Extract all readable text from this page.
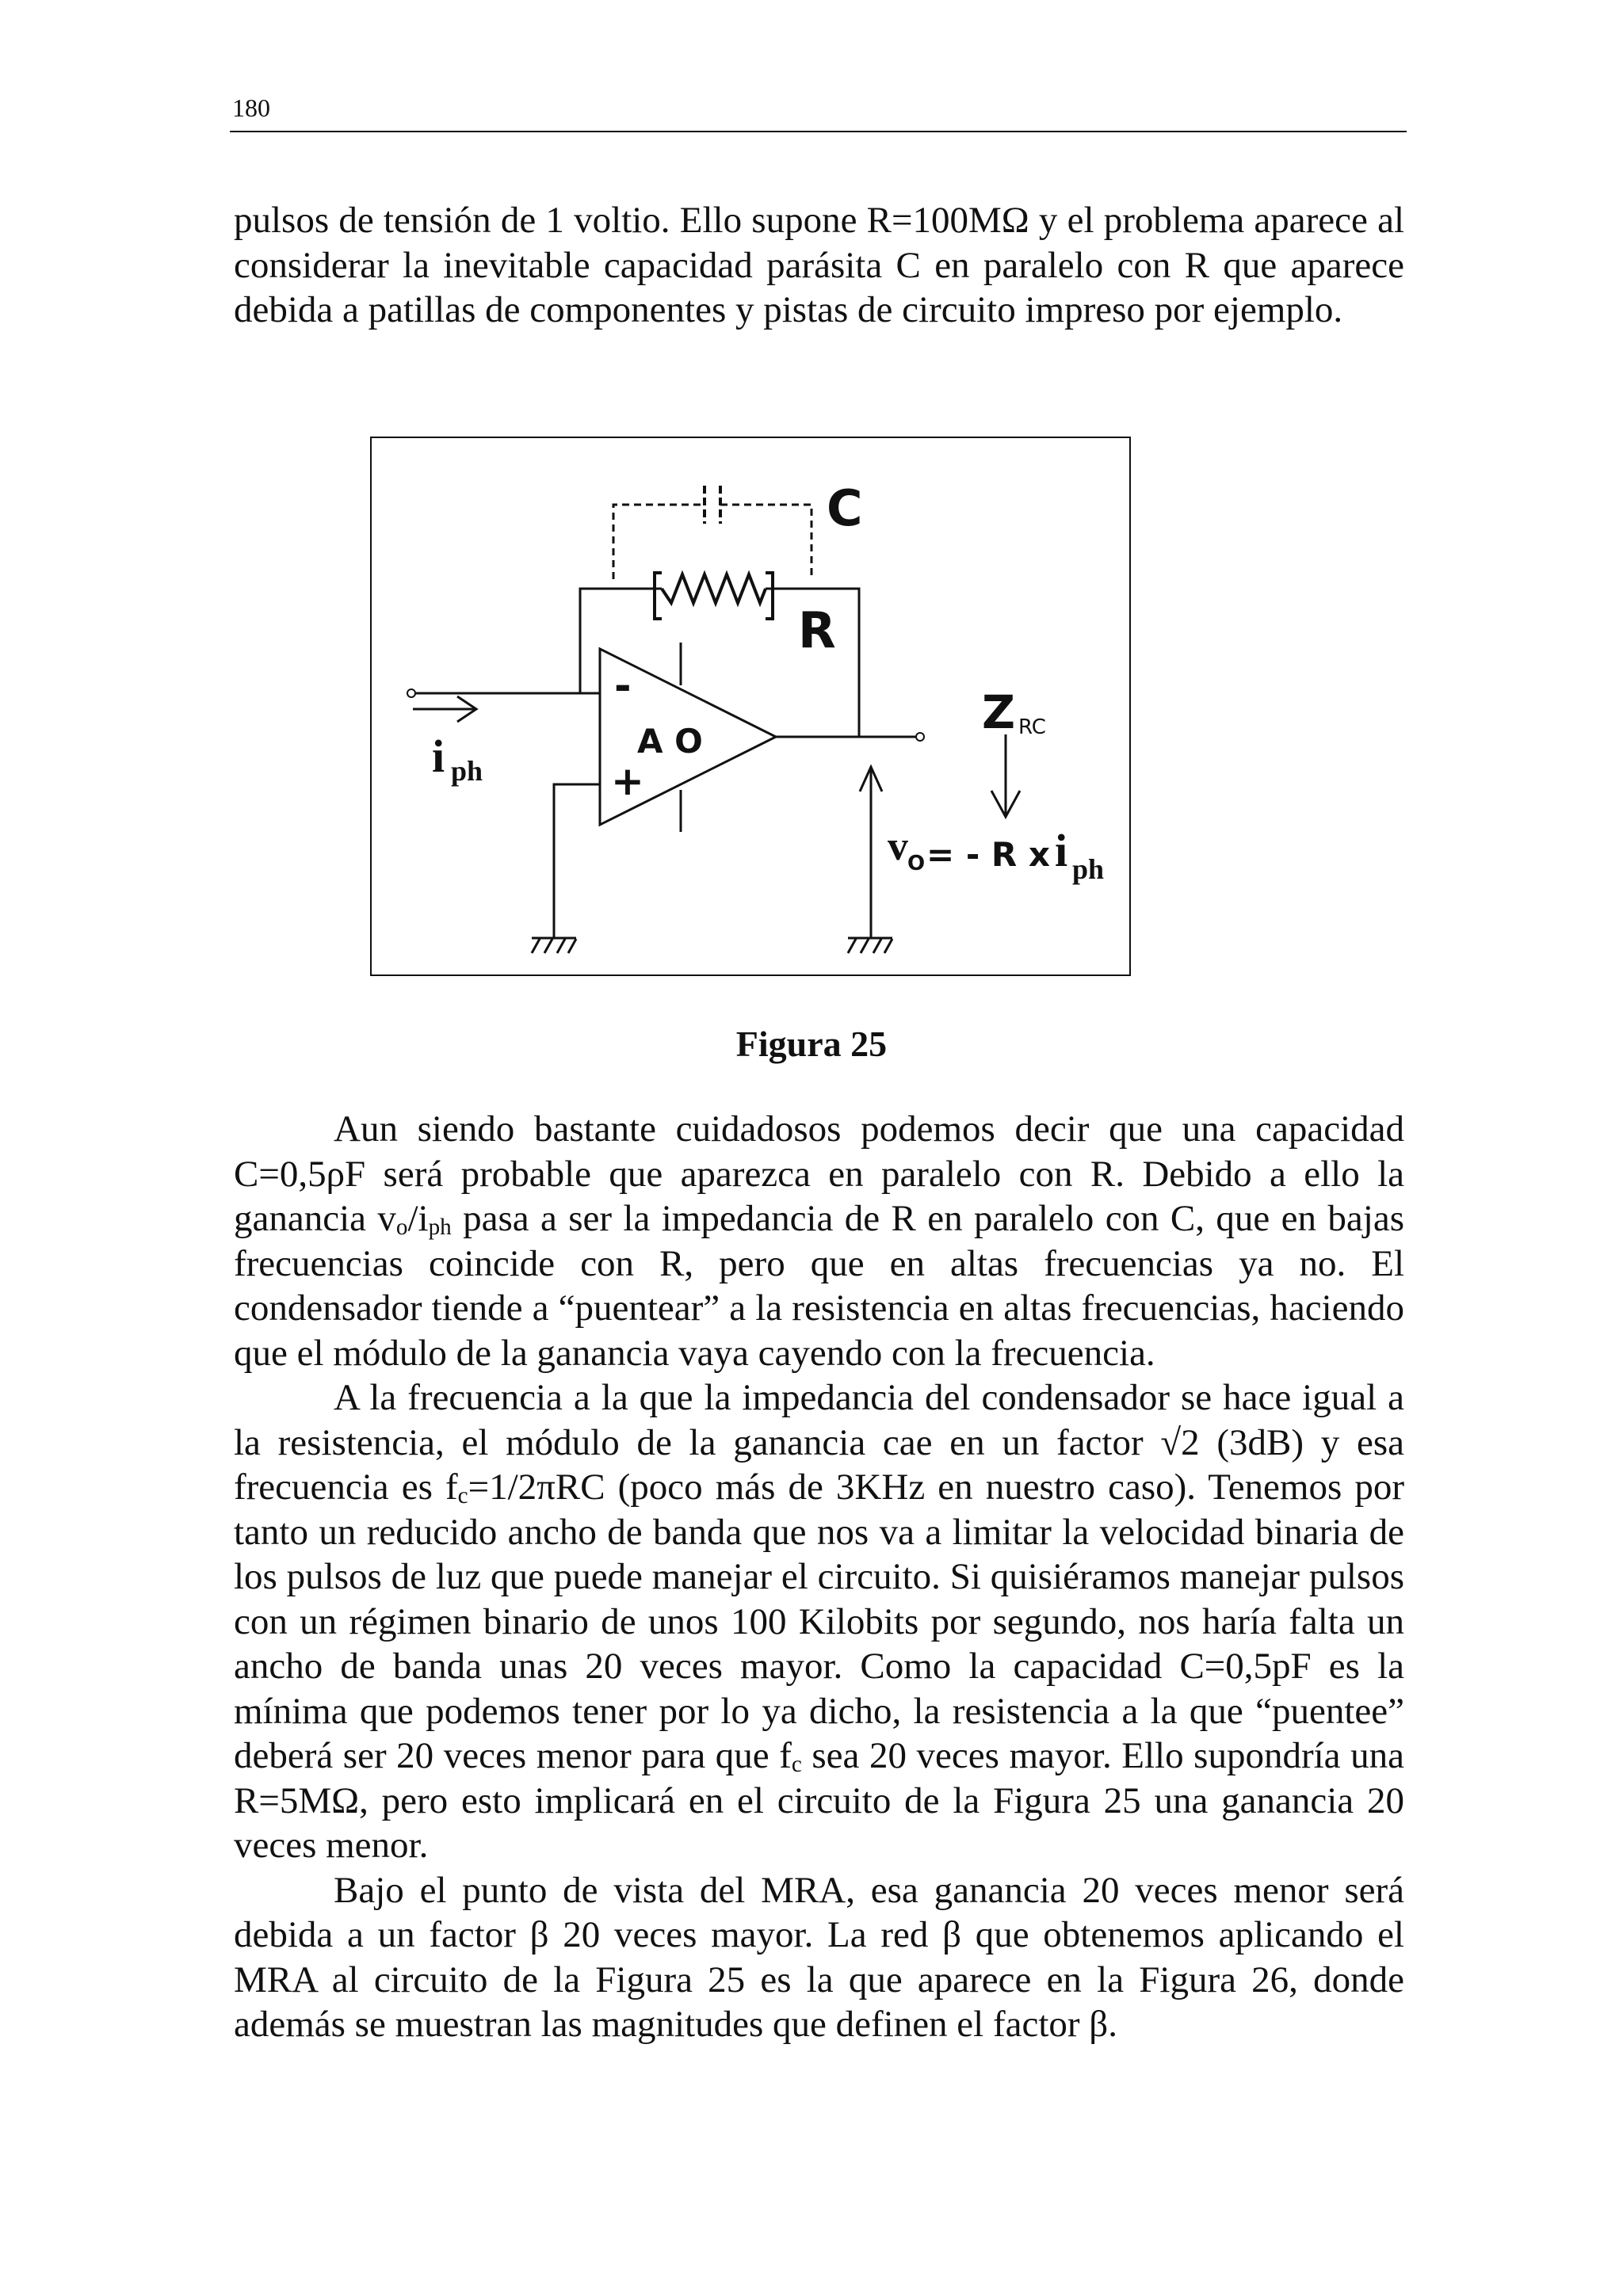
180

pulsos de tensión de 1 voltio. Ello supone R=100MΩ y el problema aparece al considerar la inevitable capacidad parásita C en paralelo con R que aparece debida a patillas de componentes y pistas de circuito impreso por ejemplo.

C
R
A O
-
+
i ph
Z RC
v O = - R x i ph
Figura 25

Aun siendo bastante cuidadosos podemos decir que una capacidad C=0,5ρF será probable que aparezca en paralelo con R. Debido a ello la ganancia $v_o/i_{ph}$ pasa a ser la impedancia de R en paralelo con C, que en bajas frecuencias coincide con R, pero que en altas frecuencias ya no. El condensador tiende a “puentear” a la resistencia en altas frecuencias, haciendo que el módulo de la ganancia vaya cayendo con la frecuencia.

A la frecuencia a la que la impedancia del condensador se hace igual a la resistencia, el módulo de la ganancia cae en un factor √2 (3dB) y esa frecuencia es $f_c=1/2\pi RC$ (poco más de 3KHz en nuestro caso). Tenemos por tanto un reducido ancho de banda que nos va a limitar la velocidad binaria de los pulsos de luz que puede manejar el circuito. Si quisiéramos manejar pulsos con un régimen binario de unos 100 Kilobits por segundo, nos haría falta un ancho de banda unas 20 veces mayor. Como la capacidad C=0,5pF es la mínima que podemos tener por lo ya dicho, la resistencia a la que “puentee” deberá ser 20 veces menor para que $f_c$ sea 20 veces mayor. Ello supondría una R=5MΩ, pero esto implicará en el circuito de la Figura 25 una ganancia 20 veces menor.

Bajo el punto de vista del MRA, esa ganancia 20 veces menor será debida a un factor β 20 veces mayor. La red β que obtenemos aplicando el MRA al circuito de la Figura 25 es la que aparece en la Figura 26, donde además se muestran las magnitudes que definen el factor β.
